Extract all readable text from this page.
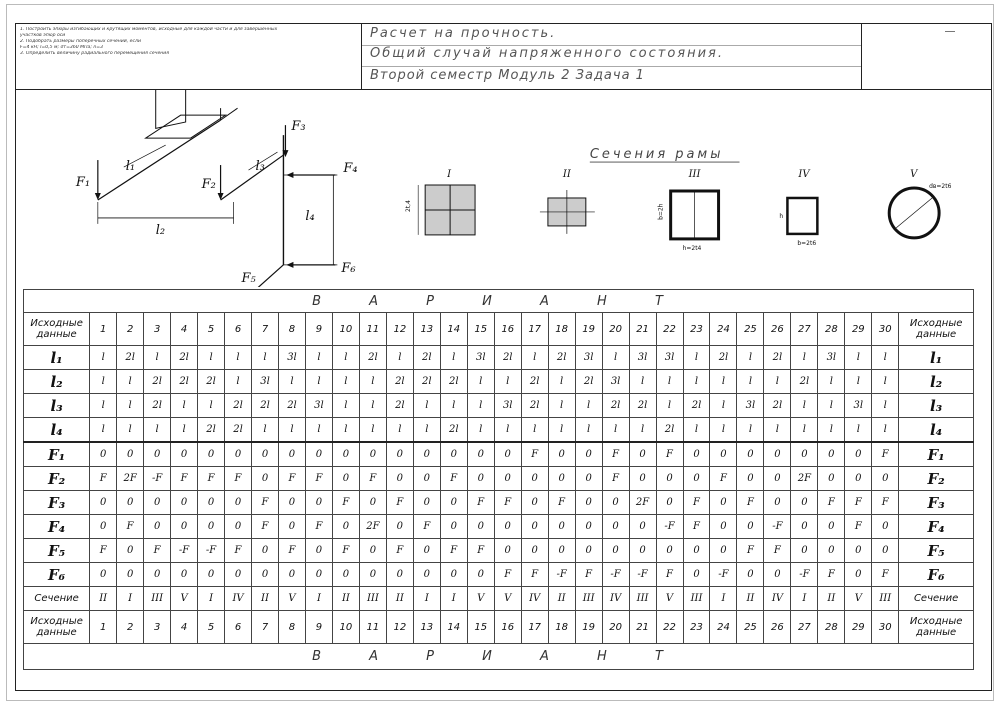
1. Построить эпюры изгибающих и крутящих моментов, исходные для каждой части и для завершенных
участков эпюр оси
2. Подобрать размеры поперечных сечений, если
F=4 кН; l=0,5 м; σт=360 МПа; n=3
3. Определить величину радиального перемещения сечения
Расчет на прочность.
Общий случай напряженного состояния.
Второй семестр Модуль 2 Задача 1
F₁	F₂
F₃
F₄
F₅
F₆
l₁
l₂
l₃
l₄
Сечения рамы
I	II	III	IV	V
2t,4	b=2h
h=2t4
h
b=2t6
dв=2t6
В А Р И А Н Т																															
Исходные данные	1	2	3	4	5	6	7	8	9	10	11	12	13	14	15	16	17	18	19	20	21	22	23	24	25	26	27	28	29	30	Исходные данные
l₁	l	2l	l	2l	l	l	l	3l	l	l	2l	l	2l	l	3l	2l	l	2l	3l	l	3l	3l	l	2l	l	2l	l	3l	l	l	l₁
l₂	l	l	2l	2l	2l	l	3l	l	l	l	l	2l	2l	2l	l	l	2l	l	2l	3l	l	l	l	l	l	l	2l	l	l	l	l₂
l₃	l	l	2l	l	l	2l	2l	2l	3l	l	l	2l	l	l	l	3l	2l	l	l	2l	2l	l	2l	l	3l	2l	l	l	3l	l	l₃
l₄	l	l	l	l	2l	2l	l	l	l	l	l	l	l	2l	l	l	l	l	l	l	l	2l	l	l	l	l	l	l	l	l	l₄
F₁	0	0	0	0	0	0	0	0	0	0	0	0	0	0	0	0	F	0	0	F	0	F	0	0	0	0	0	0	0	F	F₁
F₂	F	2F	-F	F	F	F	0	F	F	0	F	0	0	F	0	0	0	0	0	F	0	0	0	F	0	0	2F	0	0	0	F₂
F₃	0	0	0	0	0	0	F	0	0	F	0	F	0	0	F	F	0	F	0	0	2F	0	F	0	F	0	0	F	F	F	F₃
F₄	0	F	0	0	0	0	F	0	F	0	2F	0	F	0	0	0	0	0	0	0	0	-F	F	0	0	-F	0	0	F	0	F₄
F₅	F	0	F	-F	-F	F	0	F	0	F	0	F	0	F	F	0	0	0	0	0	0	0	0	0	F	F	0	0	0	0	F₅
F₆	0	0	0	0	0	0	0	0	0	0	0	0	0	0	0	F	F	-F	F	-F	-F	F	0	-F	0	0	-F	F	0	F	F₆
Сечение	II	I	III	V	I	IV	II	V	I	II	III	II	I	I	V	V	IV	II	III	IV	III	V	III	I	II	IV	I	II	V	III	Сечение
Исходные данные	1	2	3	4	5	6	7	8	9	10	11	12	13	14	15	16	17	18	19	20	21	22	23	24	25	26	27	28	29	30	Исходные данные
В А Р И А Н Т																															
